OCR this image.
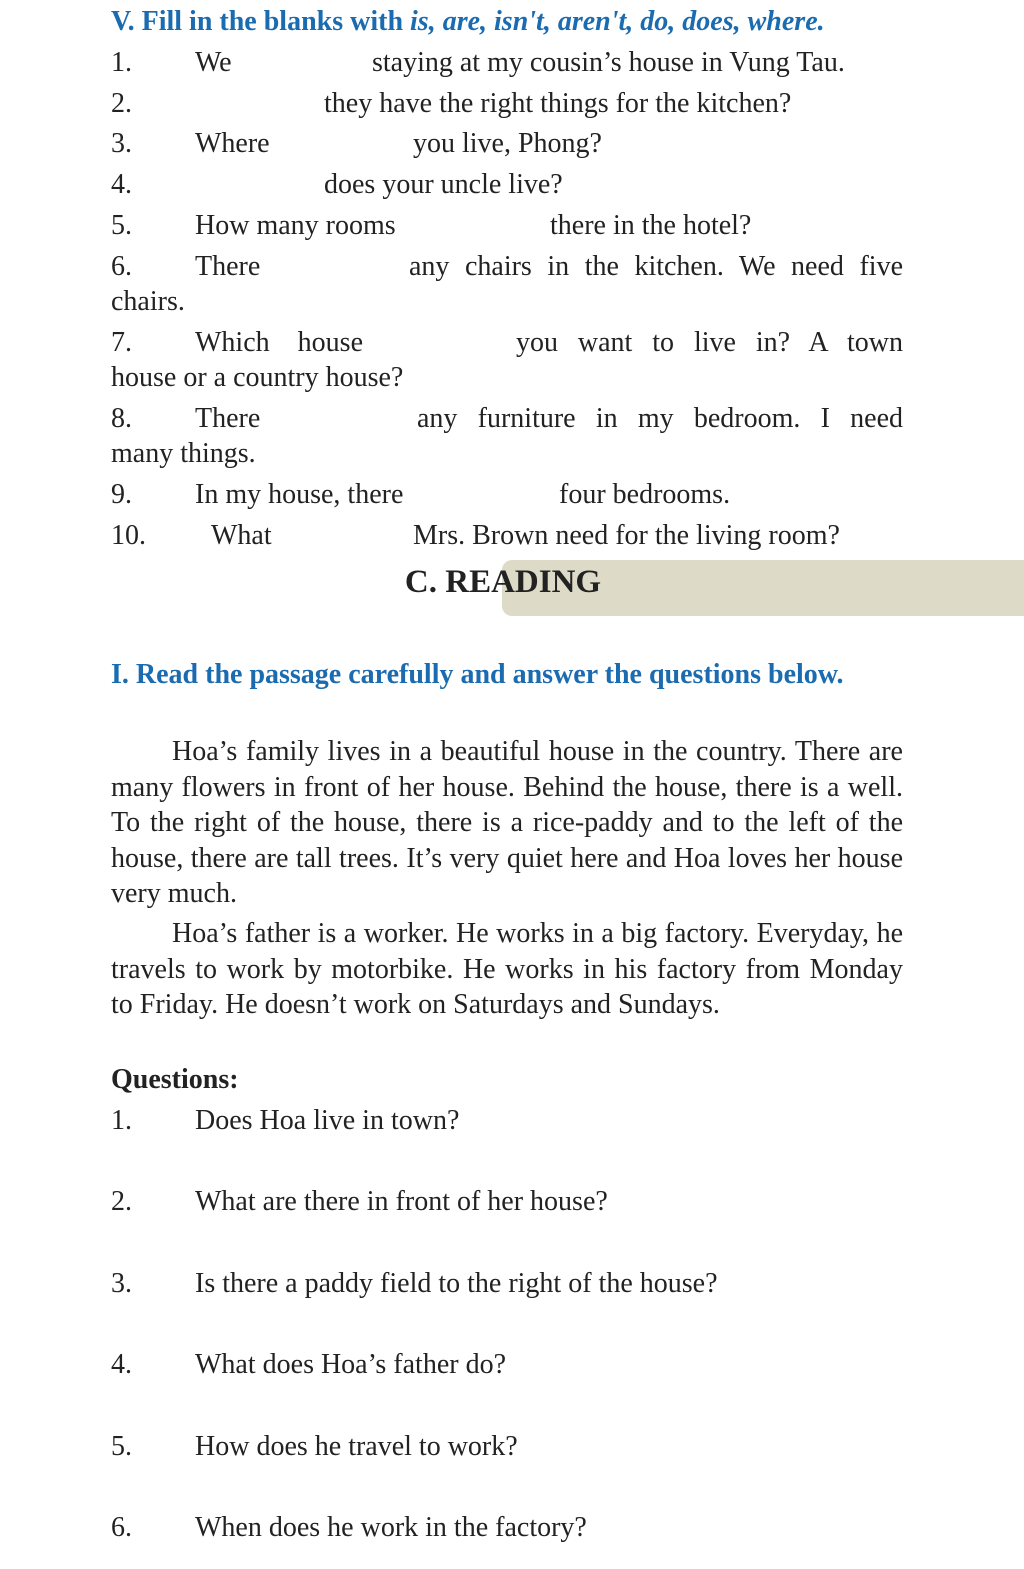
V. Fill in the blanks with is, are, isn't, aren't, do, does, where.
1. We	staying at my cousin’s house in Vung Tau.
2.	they have the right things for the kitchen?
3. Where	you live, Phong?
4.	does your uncle live?
5. How many rooms	there in the hotel?
6. There	any chairs in the kitchen. We need five
chairs.
7. Which house	you want to live in? A town
house or a country house?
8. There	any furniture in my bedroom. I need
many things.
9. In my house, there	four bedrooms.
10. What	Mrs. Brown need for the living room?
C. READING
I. Read the passage carefully and answer the questions below.

Hoa’s family lives in a beautiful house in the country. There are many flowers in front of her house. Behind the house, there is a well. To the right of the house, there is a rice-paddy and to the left of the house, there are tall trees. It’s very quiet here and Hoa loves her house very much.

Hoa’s father is a worker. He works in a big factory. Everyday, he travels to work by motorbike. He works in his factory from Monday to Friday. He doesn’t work on Saturdays and Sundays.

Questions:
1. Does Hoa live in town?
2. What are there in front of her house?
3. Is there a paddy field to the right of the house?
4. What does Hoa’s father do?
5. How does he travel to work?
6. When does he work in the factory?
